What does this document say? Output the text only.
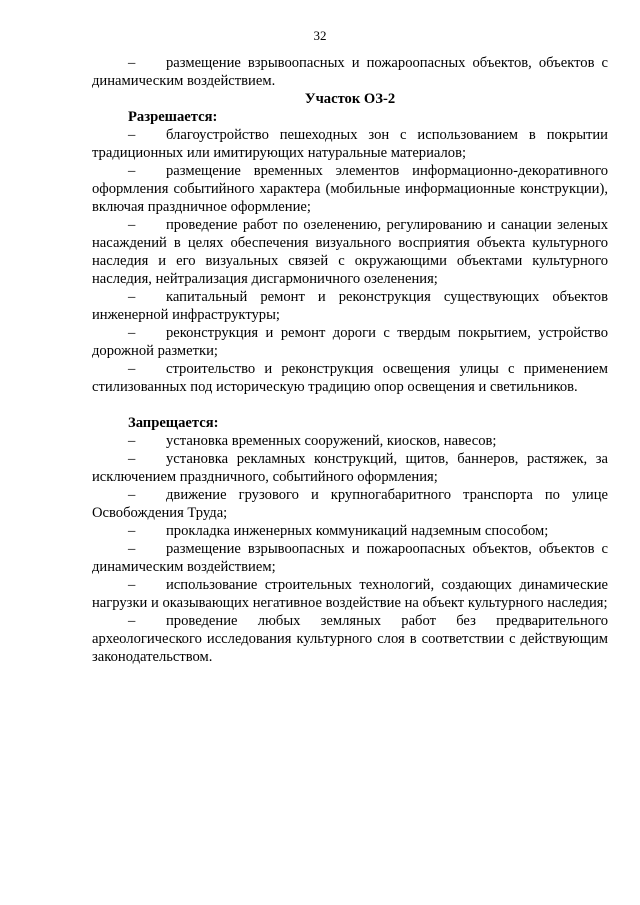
32

– размещение взрывоопасных и пожароопасных объектов, объектов с динамическим воздействием.

Участок ОЗ-2

Разрешается:

– благоустройство пешеходных зон с использованием в покрытии традиционных или имитирующих натуральные материалов;

– размещение временных элементов информационно-декоративного оформления событийного характера (мобильные информационные конструкции), включая праздничное оформление;

– проведение работ по озеленению, регулированию и санации зеленых насаждений в целях обеспечения визуального восприятия объекта культурного наследия и его визуальных связей с окружающими объектами культурного наследия, нейтрализация дисгармоничного озеленения;

– капитальный ремонт и реконструкция существующих объектов инженерной инфраструктуры;

– реконструкция и ремонт дороги с твердым покрытием, устройство дорожной разметки;

– строительство и реконструкция освещения улицы с применением стилизованных под историческую традицию опор освещения и светильников.

Запрещается:

– установка временных сооружений, киосков, навесов;

– установка рекламных конструкций, щитов, баннеров, растяжек, за исключением праздничного, событийного оформления;

– движение грузового и крупногабаритного транспорта по улице Освобождения Труда;

– прокладка инженерных коммуникаций надземным способом;

– размещение взрывоопасных и пожароопасных объектов, объектов с динамическим воздействием;

– использование строительных технологий, создающих динамические нагрузки и оказывающих негативное воздействие на объект культурного наследия;

– проведение любых земляных работ без предварительного археологического исследования культурного слоя в соответствии с действующим законодательством.
